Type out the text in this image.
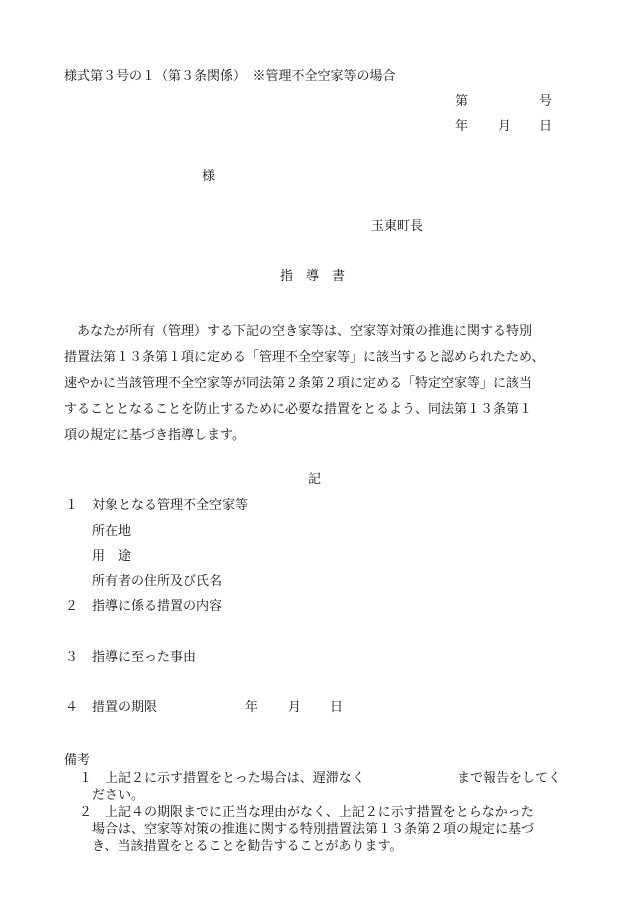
様式第３号の１（第３条関係）　※管理不全空家等の場合
第	号
年 月 日
様
玉東町長
指　導　書
あなたが所有（管理）する下記の空き家等は、空家等対策の推進に関する特別
措置法第１３条第１項に定める「管理不全空家等」に該当すると認められたため、
速やかに当該管理不全空家等が同法第２条第２項に定める「特定空家等」に該当
することとなることを防止するために必要な措置をとるよう、同法第１３条第１
項の規定に基づき指導します。
記
１ 対象となる管理不全空家等
所在地
用　途
所有者の住所及び氏名
２ 指導に係る措置の内容
３ 指導に至った事由
４ 措置の期限	年 月 日
備考
１ 上記２に示す措置をとった場合は、遅滞なく	まで報告をしてく
ださい。
２ 上記４の期限までに正当な理由がなく、上記２に示す措置をとらなかった
場合は、空家等対策の推進に関する特別措置法第１３条第２項の規定に基づ
き、当該措置をとることを勧告することがあります。
